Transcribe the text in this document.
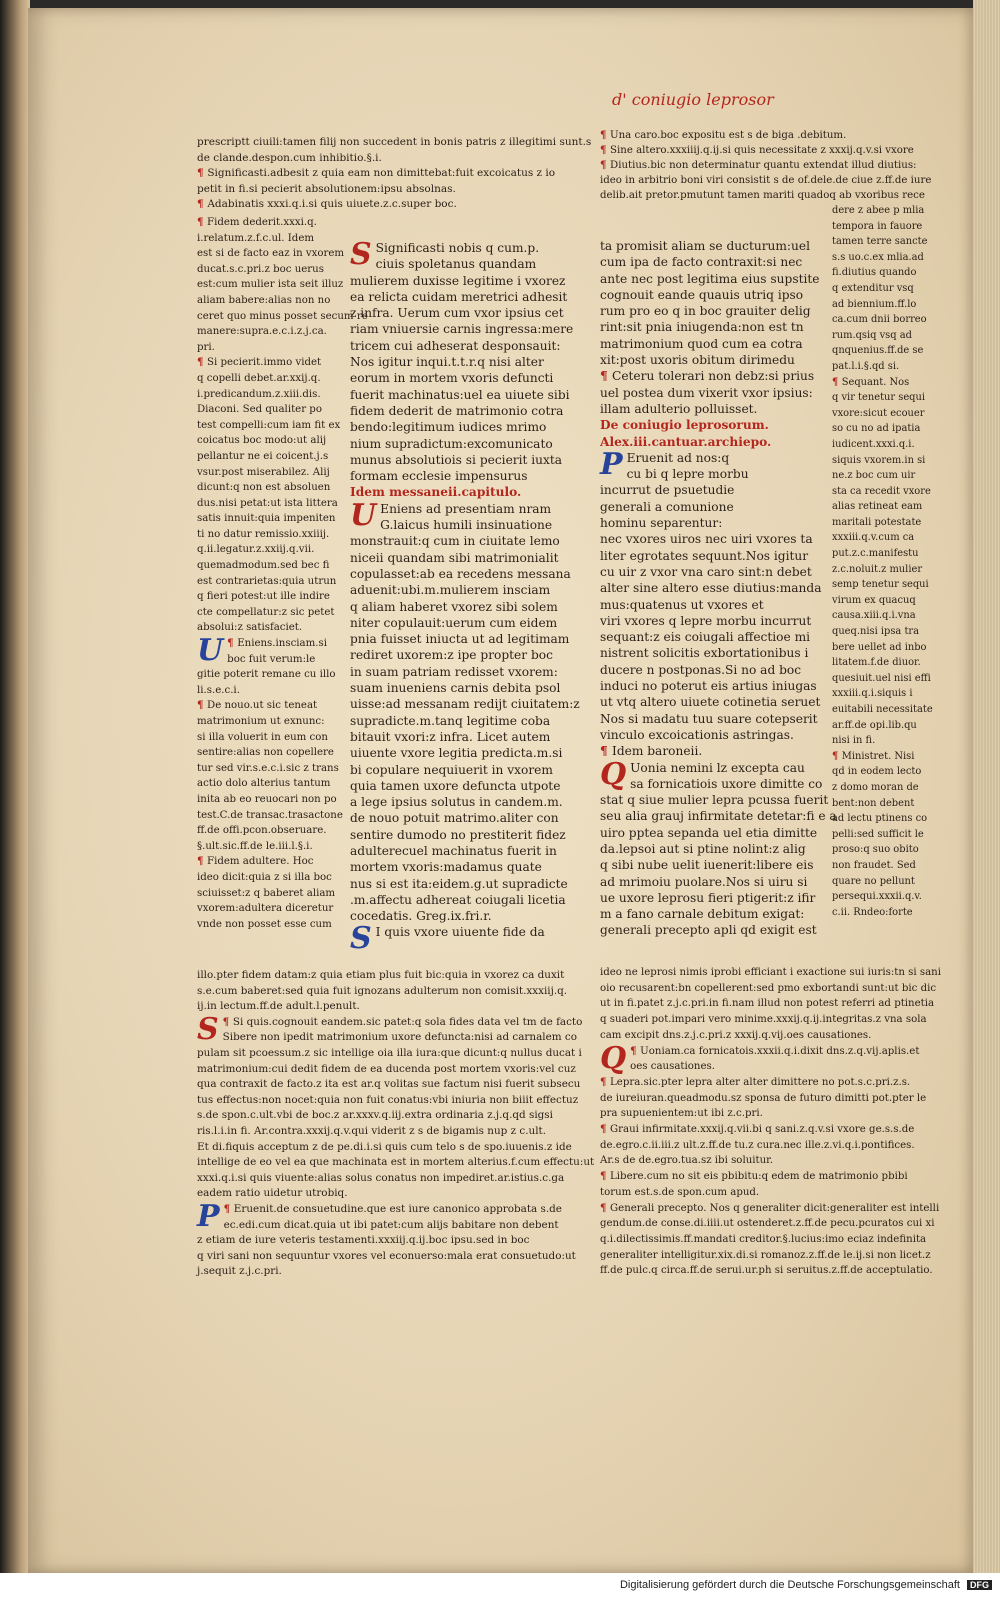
d' coniugio leprosor
prescriptt ciuili:tamen filij non succedent in bonis patris z illegitimi sunt.s
de clande.despon.cum inhibitio.§.i.
¶ Significasti.adbesit z quia eam non dimittebat:fuit excoicatus z io
petit in fi.si pecierit absolutionem:ipsu absolnas.
¶ Adabinatis xxxi.q.i.si quis uiuete.z.c.super boc.
¶ Fidem dederit.xxxi.q.
i.relatum.z.f.c.ul. Idem
est si de facto eaz in vxorem
ducat.s.c.pri.z boc uerus
est:cum mulier ista seit illuz
aliam babere:alias non no
ceret quo minus posset secum re
manere:supra.e.c.i.z.j.ca.
pri.
¶ Si pecierit.immo videt
q copelli debet.ar.xxij.q.
i.predicandum.z.xiii.dis.
Diaconi. Sed qualiter po
test compelli:cum iam fit ex
coicatus boc modo:ut alij
pellantur ne ei coicent.j.s
vsur.post miserabilez. Alij
dicunt:q non est absoluen
dus.nisi petat:ut ista littera
satis innuit:quia impeniten
ti no datur remissio.xxiiij.
q.ii.legatur.z.xxiij.q.vii.
quemadmodum.sed bec fi
est contrarietas:quia utrun
q fieri potest:ut ille indire
cte compellatur:z sic petet
absolui:z satisfaciet.
U ¶ Eniens.insciam.si
boc fuit verum:le
gitie poterit remane cu illo
li.s.e.c.i.
¶ De nouo.ut sic teneat
matrimonium ut exnunc:
si illa voluerit in eum con
sentire:alias non copellere
tur sed vir.s.e.c.i.sic z trans
actio dolo alterius tantum
inita ab eo reuocari non po
test.C.de transac.trasactone
ff.de offi.pcon.obseruare.
§.ult.sic.ff.de le.iii.l.§.i.
¶ Fidem adultere. Hoc
ideo dicit:quia z si illa boc
sciuisset:z q baberet aliam
vxorem:adultera diceretur
vnde non posset esse cum
S Significasti nobis q cum.p.
ciuis spoletanus quandam
mulierem duxisse legitime i vxorez
ea relicta cuidam meretrici adhesit
z infra. Uerum cum vxor ipsius cet
riam vniuersie carnis ingressa:mere
tricem cui adheserat desponsauit:
Nos igitur inqui.t.t.r.q nisi alter
eorum in mortem vxoris defuncti
fuerit machinatus:uel ea uiuete sibi
fidem dederit de matrimonio cotra
bendo:legitimum iudices mrimo
nium supradictum:excomunicato
munus absolutiois si pecierit iuxta
formam ecclesie impensurus
Idem messaneii.capitulo.
U Eniens ad presentiam nram
G.laicus humili insinuatione
monstrauit:q cum in ciuitate lemo
niceii quandam sibi matrimonialit
copulasset:ab ea recedens messana
aduenit:ubi.m.mulierem insciam
q aliam haberet vxorez sibi solem
niter copulauit:uerum cum eidem
pnia fuisset iniucta ut ad legitimam
rediret uxorem:z ipe propter boc
in suam patriam redisset vxorem:
suam inueniens carnis debita psol
uisse:ad messanam redijt ciuitatem:z
supradicte.m.tanq legitime coba
bitauit vxori:z infra. Licet autem
uiuente vxore legitia predicta.m.si
bi copulare nequiuerit in vxorem
quia tamen uxore defuncta utpote
a lege ipsius solutus in candem.m.
de nouo potuit matrimo.aliter con
sentire dumodo no prestiterit fidez
adulterecuel machinatus fuerit in
mortem vxoris:madamus quate
nus si est ita:eidem.g.ut supradicte
.m.affectu adhereat coiugali licetia
cocedatis. Greg.ix.fri.r.
S I quis vxore uiuente fide da
ta promisit aliam se ducturum:uel
cum ipa de facto contraxit:si nec
ante nec post legitima eius supstite
cognouit eande quauis utriq ipso
rum pro eo q in boc grauiter delig
rint:sit pnia iniugenda:non est tn
matrimonium quod cum ea cotra
xit:post uxoris obitum dirimedu
¶ Ceteru tolerari non debz:si prius
uel postea dum vixerit vxor ipsius:
illam adulterio polluisset.
De coniugio leprosorum.
Alex.iii.cantuar.archiepo.
P Eruenit ad nos:q
cu bi q lepre morbu
incurrut de psuetudie
generali a comunione
hominu separentur:
nec vxores uiros nec uiri vxores ta
liter egrotates sequunt.Nos igitur
cu uir z vxor vna caro sint:n debet
alter sine altero esse diutius:manda
mus:quatenus ut vxores et
viri vxores q lepre morbu incurrut
sequant:z eis coiugali affectioe mi
nistrent solicitis exbortationibus i
ducere n postponas.Si no ad boc
induci no poterut eis artius iniugas
ut vtq altero uiuete cotinetia seruet
Nos si madatu tuu suare cotepserit
vinculo excoicationis astringas.
¶ Idem baroneii.
Q Uonia nemini lz excepta cau
sa fornicatiois uxore dimitte co
stat q siue mulier lepra pcussa fuerit
seu alia grauj infirmitate detetar:fi e a
uiro pptea sepanda uel etia dimitte
da.lepsoi aut si ptine nolint:z alig
q sibi nube uelit iuenerit:libere eis
ad mrimoiu puolare.Nos si uiru si
ue uxore leprosu fieri ptigerit:z ifir
m a fano carnale debitum exigat:
generali precepto apli qd exigit est
¶ Una caro.boc expositu est s de biga .debitum.
¶ Sine altero.xxxiiij.q.ij.si quis necessitate z xxxij.q.v.si vxore
¶ Diutius.bic non determinatur quantu extendat illud diutius:
ideo in arbitrio boni viri consistit s de of.dele.de ciue z.ff.de iure
delib.ait pretor.pmutunt tamen mariti quadoq ab vxoribus rece
dere z abee p mlia
tempora in fauore
tamen terre sancte
s.s uo.c.ex mlia.ad
fi.diutius quando
q extenditur vsq
ad biennium.ff.lo
ca.cum dnii borreo
rum.qsiq vsq ad
qnquenius.ff.de se
pat.l.i.§.qd si.
¶ Sequant. Nos
q vir tenetur sequi
vxore:sicut ecouer
so cu no ad ipatia
iudicent.xxxi.q.i.
siquis vxorem.in si
ne.z boc cum uir
sta ca recedit vxore
alias retineat eam
maritali potestate
xxxiii.q.v.cum ca
put.z.c.manifestu
z.c.noluit.z mulier
semp tenetur sequi
virum ex quacuq
causa.xiii.q.i.vna
queq.nisi ipsa tra
bere uellet ad inbo
litatem.f.de diuor.
quesiuit.uel nisi effi
xxxiii.q.i.siquis i
euitabili necessitate
ar.ff.de opi.lib.qu
nisi in fi.
¶ Ministret. Nisi
qd in eodem lecto
z domo moran de
bent:non debent
ad lectu ptinens co
pelli:sed sufficit le
proso:q suo obito
non fraudet. Sed
quare no pellunt
persequi.xxxii.q.v.
c.ii. Rndeo:forte
illo.pter fidem datam:z quia etiam plus fuit bic:quia in vxorez ca duxit
s.e.cum baberet:sed quia fuit ignozans adulterum non comisit.xxxiij.q.
ij.in lectum.ff.de adult.l.penult.
S ¶ Si quis.cognouit eandem.sic patet:q sola fides data vel tm de facto
Sibere non ipedit matrimonium uxore defuncta:nisi ad carnalem co
pulam sit pcoessum.z sic intellige oia illa iura:que dicunt:q nullus ducat i
matrimonium:cui dedit fidem de ea ducenda post mortem vxoris:vel cuz
qua contraxit de facto.z ita est ar.q volitas sue factum nisi fuerit subsecu
tus effectus:non nocet:quia non fuit conatus:vbi iniuria non biiit effectuz
s.de spon.c.ult.vbi de boc.z ar.xxxv.q.iij.extra ordinaria z.j.q.qd sigsi
ris.l.i.in fi. Ar.contra.xxxij.q.v.qui viderit z s de bigamis nup z c.ult.
Et di.fiquis acceptum z de pe.di.i.si quis cum telo s de spo.iuuenis.z ide
intellige de eo vel ea que machinata est in mortem alterius.f.cum effectu:ut
xxxi.q.i.si quis viuente:alias solus conatus non impediret.ar.istius.c.ga
eadem ratio uidetur utrobiq.
P ¶ Eruenit.de consuetudine.que est iure canonico approbata s.de
ec.edi.cum dicat.quia ut ibi patet:cum alijs babitare non debent
z etiam de iure veteris testamenti.xxxiij.q.ij.boc ipsu.sed in boc
q viri sani non sequuntur vxores vel econuerso:mala erat consuetudo:ut
j.sequit z.j.c.pri.
ideo ne leprosi nimis iprobi efficiant i exactione sui iuris:tn si sani
oio recusarent:bn copellerent:sed pmo exbortandi sunt:ut bic dic
ut in fi.patet z.j.c.pri.in fi.nam illud non potest referri ad ptinetia
q suaderi pot.impari vero minime.xxxij.q.ij.integritas.z vna sola
cam excipit dns.z.j.c.pri.z xxxij.q.vij.oes causationes.
Q ¶ Uoniam.ca fornicatois.xxxii.q.i.dixit dns.z.q.vij.aplis.et
oes causationes.
¶ Lepra.sic.pter lepra alter alter dimittere no pot.s.c.pri.z.s.
de iureiuran.queadmodu.sz sponsa de futuro dimitti pot.pter le
pra supuenientem:ut ibi z.c.pri.
¶ Graui infirmitate.xxxij.q.vii.bi q sani.z.q.v.si vxore ge.s.s.de
de.egro.c.ii.iii.z ult.z.ff.de tu.z cura.nec ille.z.vi.q.i.pontifices.
Ar.s de de.egro.tua.sz ibi soluitur.
¶ Libere.cum no sit eis pbibitu:q edem de matrimonio pbibi
torum est.s.de spon.cum apud.
¶ Generali precepto. Nos q generaliter dicit:generaliter est intelli
gendum.de conse.di.iiii.ut ostenderet.z.ff.de pecu.pcuratos cui xi
q.i.dilectissimis.ff.mandati creditor.§.lucius:imo eciaz indefinita
generaliter intelligitur.xix.di.si romanoz.z.ff.de le.ij.si non licet.z
ff.de pulc.q circa.ff.de serui.ur.ph si seruitus.z.ff.de acceptulatio.
Digitalisierung gefördert durch die Deutsche Forschungsgemeinschaft DFG
